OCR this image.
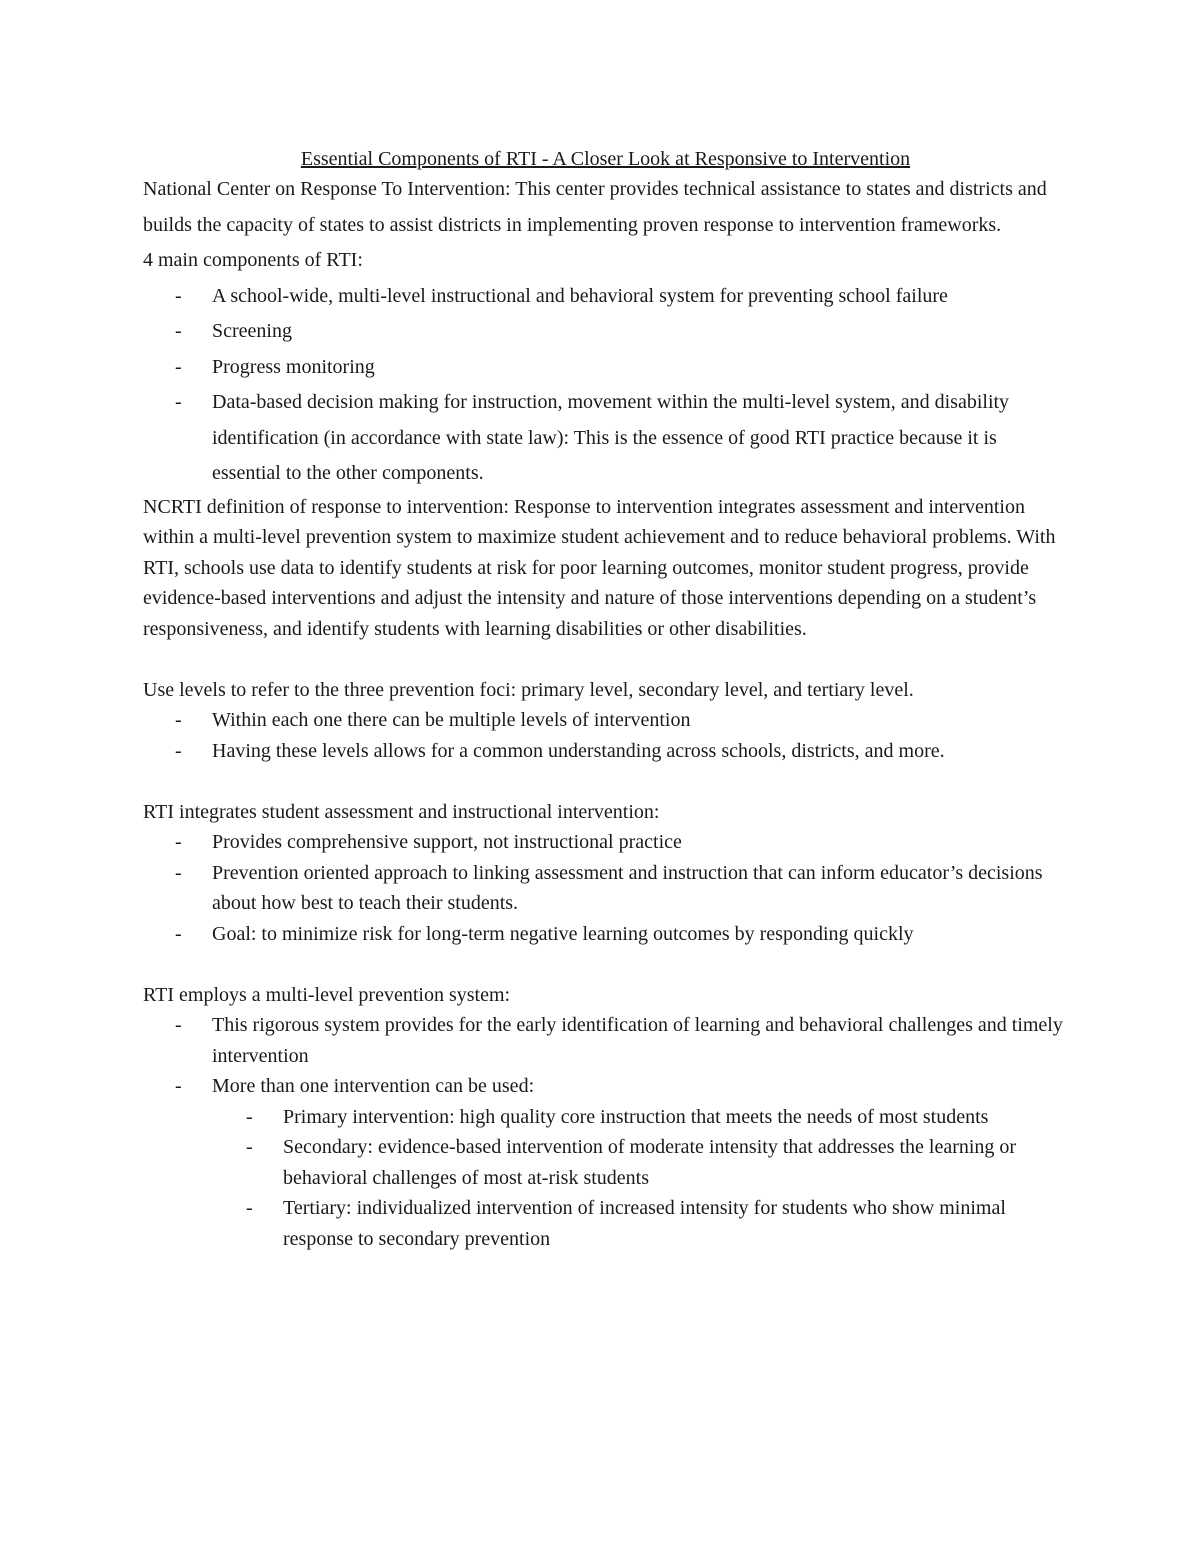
Essential Components of RTI - A Closer Look at Responsive to Intervention

National Center on Response To Intervention: This center provides technical assistance to states and districts and builds the capacity of states to assist districts in implementing proven response to intervention frameworks.

4 main components of RTI:

- A school-wide, multi-level instructional and behavioral system for preventing school failure
- Screening
- Progress monitoring
- Data-based decision making for instruction, movement within the multi-level system, and disability identification (in accordance with state law): This is the essence of good RTI practice because it is essential to the other components.

NCRTI definition of response to intervention: Response to intervention integrates assessment and intervention within a multi-level prevention system to maximize student achievement and to reduce behavioral problems. With RTI, schools use data to identify students at risk for poor learning outcomes, monitor student progress, provide evidence-based interventions and adjust the intensity and nature of those interventions depending on a student’s responsiveness, and identify students with learning disabilities or other disabilities.

Use levels to refer to the three prevention foci: primary level, secondary level, and tertiary level.

- Within each one there can be multiple levels of intervention
- Having these levels allows for a common understanding across schools, districts, and more.

RTI integrates student assessment and instructional intervention:

- Provides comprehensive support, not instructional practice
- Prevention oriented approach to linking assessment and instruction that can inform educator’s decisions about how best to teach their students.
- Goal: to minimize risk for long-term negative learning outcomes by responding quickly

RTI employs a multi-level prevention system:

- This rigorous system provides for the early identification of learning and behavioral challenges and timely intervention
- More than one intervention can be used:
- Primary intervention: high quality core instruction that meets the needs of most students
- Secondary: evidence-based intervention of moderate intensity that addresses the learning or behavioral challenges of most at-risk students
- Tertiary: individualized intervention of increased intensity for students who show minimal response to secondary prevention
